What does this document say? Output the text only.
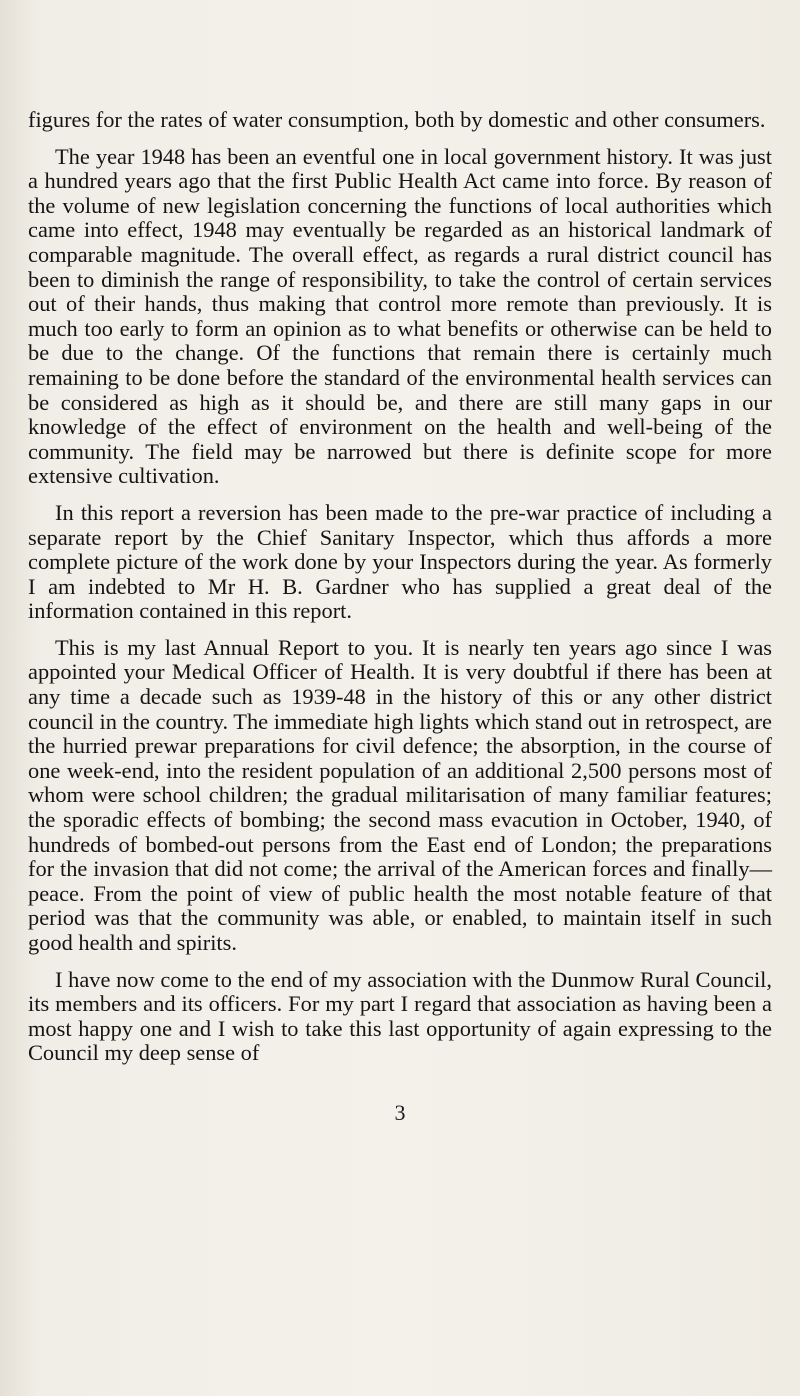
figures for the rates of water consumption, both by domestic and other consumers.

The year 1948 has been an eventful one in local government history. It was just a hundred years ago that the first Public Health Act came into force. By reason of the volume of new legislation concerning the functions of local authorities which came into effect, 1948 may eventually be regarded as an historical landmark of comparable magnitude. The overall effect, as regards a rural district council has been to diminish the range of responsibility, to take the control of certain services out of their hands, thus making that control more remote than previously. It is much too early to form an opinion as to what benefits or otherwise can be held to be due to the change. Of the functions that remain there is certainly much remaining to be done before the standard of the environmental health services can be considered as high as it should be, and there are still many gaps in our knowledge of the effect of environment on the health and well-being of the community. The field may be narrowed but there is definite scope for more extensive cultivation.

In this report a reversion has been made to the pre-war practice of including a separate report by the Chief Sanitary Inspector, which thus affords a more complete picture of the work done by your Inspectors during the year. As formerly I am indebted to Mr H. B. Gardner who has supplied a great deal of the information contained in this report.

This is my last Annual Report to you. It is nearly ten years ago since I was appointed your Medical Officer of Health. It is very doubtful if there has been at any time a decade such as 1939-48 in the history of this or any other district council in the country. The immediate high lights which stand out in retrospect, are the hurried prewar preparations for civil defence; the absorption, in the course of one week-end, into the resident population of an additional 2,500 persons most of whom were school children; the gradual militarisation of many familiar features; the sporadic effects of bombing; the second mass evacution in October, 1940, of hundreds of bombed-out persons from the East end of London; the preparations for the invasion that did not come; the arrival of the American forces and finally—peace. From the point of view of public health the most notable feature of that period was that the community was able, or enabled, to maintain itself in such good health and spirits.

I have now come to the end of my association with the Dunmow Rural Council, its members and its officers. For my part I regard that association as having been a most happy one and I wish to take this last opportunity of again expressing to the Council my deep sense of

3
